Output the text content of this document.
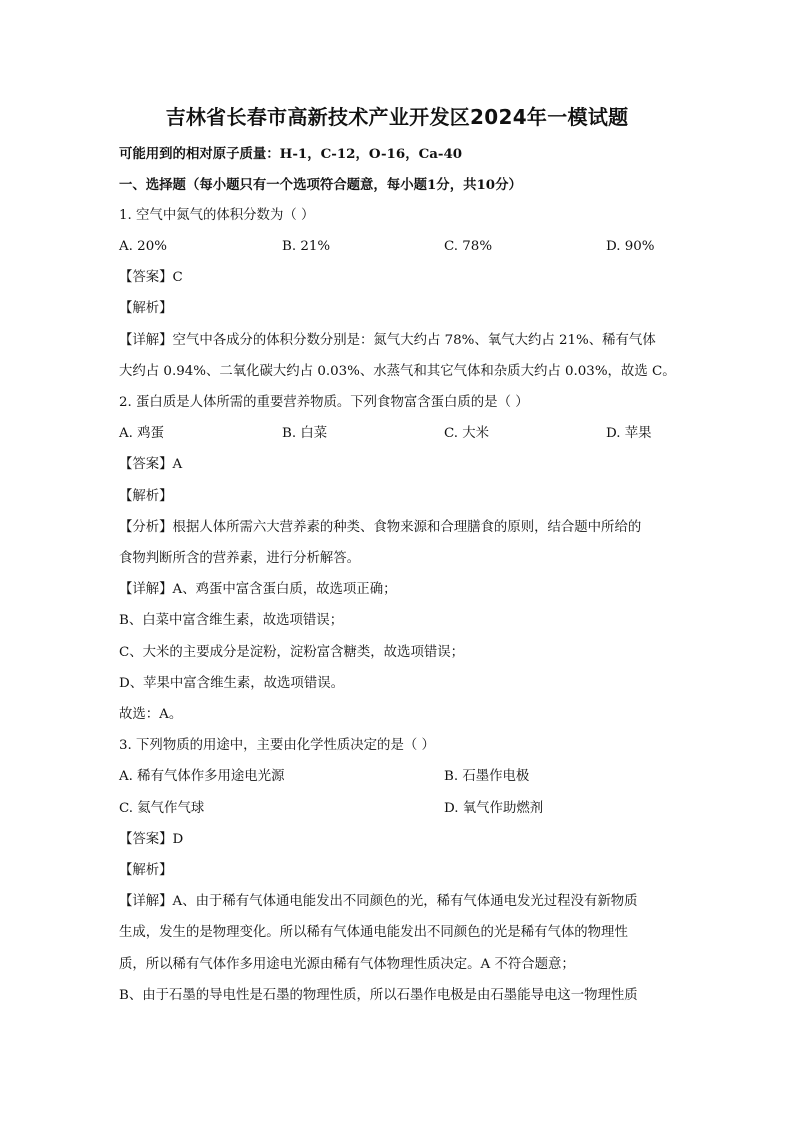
吉林省长春市高新技术产业开发区2024年一模试题
可能用到的相对原子质量：H-1，C-12，O-16，Ca-40
一、选择题（每小题只有一个选项符合题意，每小题1分，共10分）
1. 空气中氮气的体积分数为（ ）
A. 20%	B. 21%	C. 78%	D. 90%
【答案】C
【解析】
【详解】空气中各成分的体积分数分别是：氮气大约占 78%、氧气大约占 21%、稀有气体
大约占 0.94%、二氧化碳大约占 0.03%、水蒸气和其它气体和杂质大约占 0.03%，故选 C。
2. 蛋白质是人体所需的重要营养物质。下列食物富含蛋白质的是（ ）
A. 鸡蛋	B. 白菜	C. 大米	D. 苹果
【答案】A
【解析】
【分析】根据人体所需六大营养素的种类、食物来源和合理膳食的原则，结合题中所给的
食物判断所含的营养素，进行分析解答。
【详解】A、鸡蛋中富含蛋白质，故选项正确；
B、白菜中富含维生素，故选项错误；
C、大米的主要成分是淀粉，淀粉富含糖类，故选项错误；
D、苹果中富含维生素，故选项错误。
故选：A。
3. 下列物质的用途中，主要由化学性质决定的是（ ）
A. 稀有气体作多用途电光源	B. 石墨作电极
C. 氦气作气球	D. 氧气作助燃剂
【答案】D
【解析】
【详解】A、由于稀有气体通电能发出不同颜色的光，稀有气体通电发光过程没有新物质
生成，发生的是物理变化。所以稀有气体通电能发出不同颜色的光是稀有气体的物理性
质，所以稀有气体作多用途电光源由稀有气体物理性质决定。A 不符合题意；
B、由于石墨的导电性是石墨的物理性质，所以石墨作电极是由石墨能导电这一物理性质
